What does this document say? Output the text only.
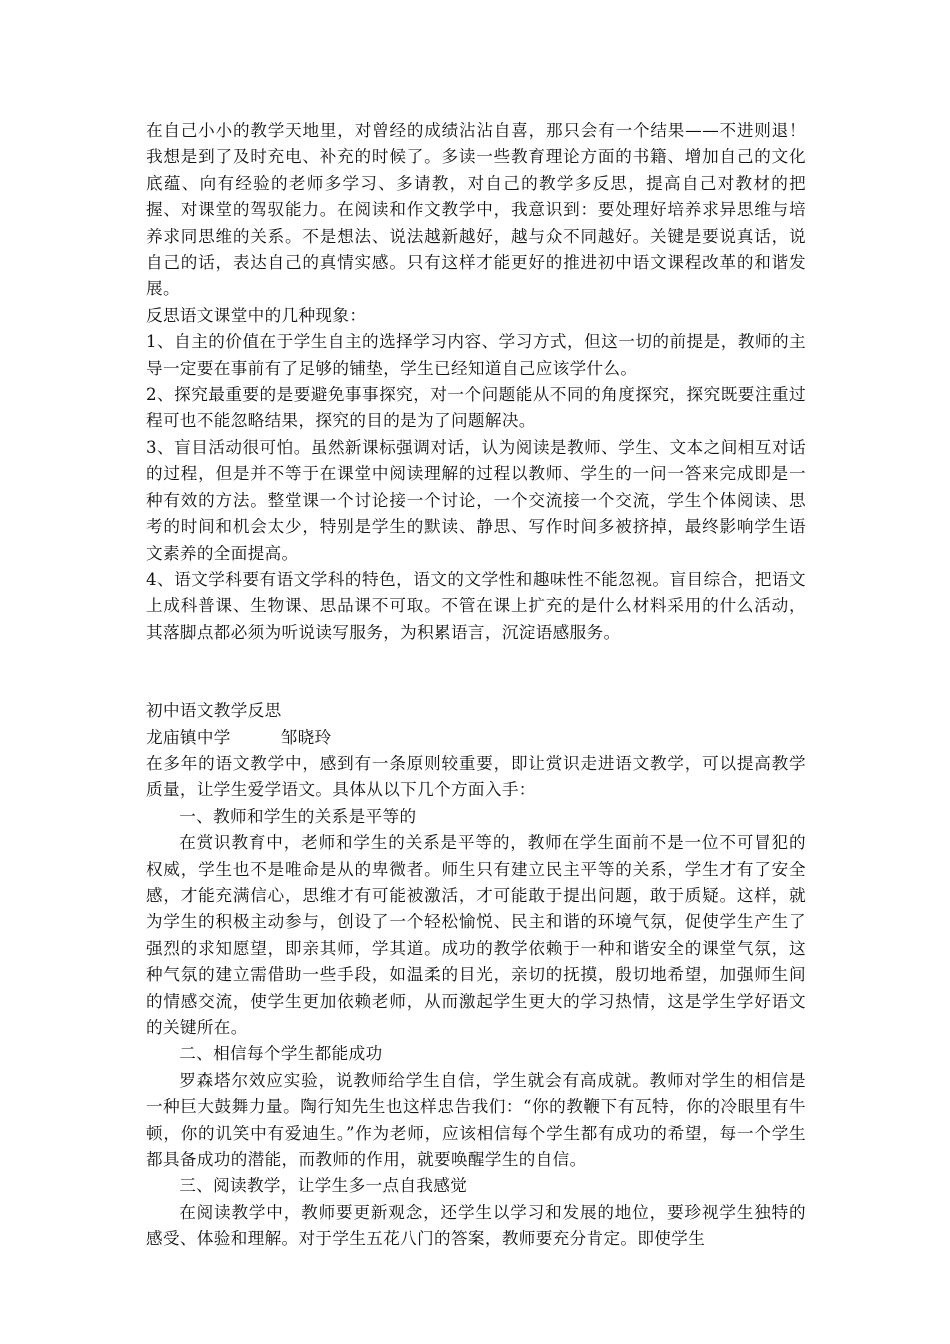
在自己小小的教学天地里，对曾经的成绩沾沾自喜，那只会有一个结果——不进则退！我想是到了及时充电、补充的时候了。多读一些教育理论方面的书籍、增加自己的文化底蕴、向有经验的老师多学习、多请教，对自己的教学多反思，提高自己对教材的把握、对课堂的驾驭能力。在阅读和作文教学中，我意识到：要处理好培养求异思维与培养求同思维的关系。不是想法、说法越新越好，越与众不同越好。关键是要说真话，说自己的话，表达自己的真情实感。只有这样才能更好的推进初中语文课程改革的和谐发展。

反思语文课堂中的几种现象：

1、自主的价值在于学生自主的选择学习内容、学习方式，但这一切的前提是，教师的主导一定要在事前有了足够的铺垫，学生已经知道自己应该学什么。

2、探究最重要的是要避免事事探究，对一个问题能从不同的角度探究，探究既要注重过程可也不能忽略结果，探究的目的是为了问题解决。

3、盲目活动很可怕。虽然新课标强调对话，认为阅读是教师、学生、文本之间相互对话的过程，但是并不等于在课堂中阅读理解的过程以教师、学生的一问一答来完成即是一种有效的方法。整堂课一个讨论接一个讨论，一个交流接一个交流，学生个体阅读、思考的时间和机会太少，特别是学生的默读、静思、写作时间多被挤掉，最终影响学生语文素养的全面提高。

4、语文学科要有语文学科的特色，语文的文学性和趣味性不能忽视。盲目综合，把语文上成科普课、生物课、思品课不可取。不管在课上扩充的是什么材料采用的什么活动，其落脚点都必须为听说读写服务，为积累语言，沉淀语感服务。

初中语文教学反思

龙庙镇中学	邹晓玲

在多年的语文教学中，感到有一条原则较重要，即让赏识走进语文教学，可以提高教学质量，让学生爱学语文。具体从以下几个方面入手：

一、教师和学生的关系是平等的

在赏识教育中，老师和学生的关系是平等的，教师在学生面前不是一位不可冒犯的权威，学生也不是唯命是从的卑微者。师生只有建立民主平等的关系，学生才有了安全感，才能充满信心，思维才有可能被激活，才可能敢于提出问题，敢于质疑。这样，就为学生的积极主动参与，创设了一个轻松愉悦、民主和谐的环境气氛，促使学生产生了强烈的求知愿望，即亲其师，学其道。成功的教学依赖于一种和谐安全的课堂气氛，这种气氛的建立需借助一些手段，如温柔的目光，亲切的抚摸，殷切地希望，加强师生间的情感交流，使学生更加依赖老师，从而激起学生更大的学习热情，这是学生学好语文的关键所在。

二、相信每个学生都能成功

罗森塔尔效应实验，说教师给学生自信，学生就会有高成就。教师对学生的相信是一种巨大鼓舞力量。陶行知先生也这样忠告我们：“你的教鞭下有瓦特，你的冷眼里有牛顿，你的讥笑中有爱迪生。”作为老师，应该相信每个学生都有成功的希望，每一个学生都具备成功的潜能，而教师的作用，就要唤醒学生的自信。

三、阅读教学，让学生多一点自我感觉

在阅读教学中，教师要更新观念，还学生以学习和发展的地位，要珍视学生独特的感受、体验和理解。对于学生五花八门的答案，教师要充分肯定。即使学生
